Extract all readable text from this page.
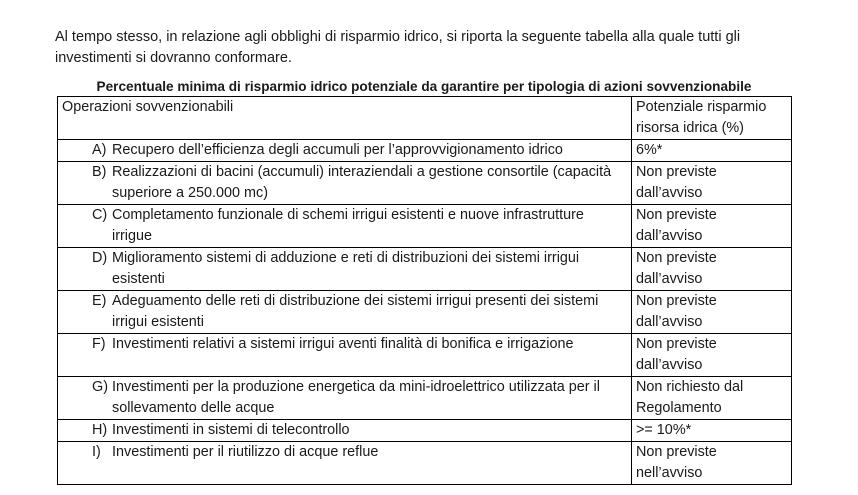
Al tempo stesso, in relazione agli obblighi di risparmio idrico, si riporta la seguente tabella alla quale tutti gli investimenti si dovranno conformare.

Percentuale minima di risparmio idrico potenziale da garantire per tipologia di azioni sovvenzionabile
Operazioni sovvenzionabili	Potenziale risparmio
risorsa idrica (%)

A) Recupero dell’efficienza degli accumuli per l’approvvigionamento idrico	6%*

B) Realizzazioni di bacini (accumuli) interaziendali a gestione consortile (capacità superiore a 250.000 mc)	Non previste
dall’avviso

C) Completamento funzionale di schemi irrigui esistenti e nuove infrastrutture irrigue	Non previste
dall’avviso

D) Miglioramento sistemi di adduzione e reti di distribuzioni dei sistemi irrigui esistenti	Non previste
dall’avviso

E) Adeguamento delle reti di distribuzione dei sistemi irrigui presenti dei sistemi irrigui esistenti	Non previste
dall’avviso

F) Investimenti relativi a sistemi irrigui aventi finalità di bonifica e irrigazione	Non previste
dall’avviso

G) Investimenti per la produzione energetica da mini-idroelettrico utilizzata per il sollevamento delle acque	Non richiesto dal
Regolamento

H) Investimenti in sistemi di telecontrollo	>= 10%*

I) Investimenti per il riutilizzo di acque reflue	Non previste
nell’avviso
